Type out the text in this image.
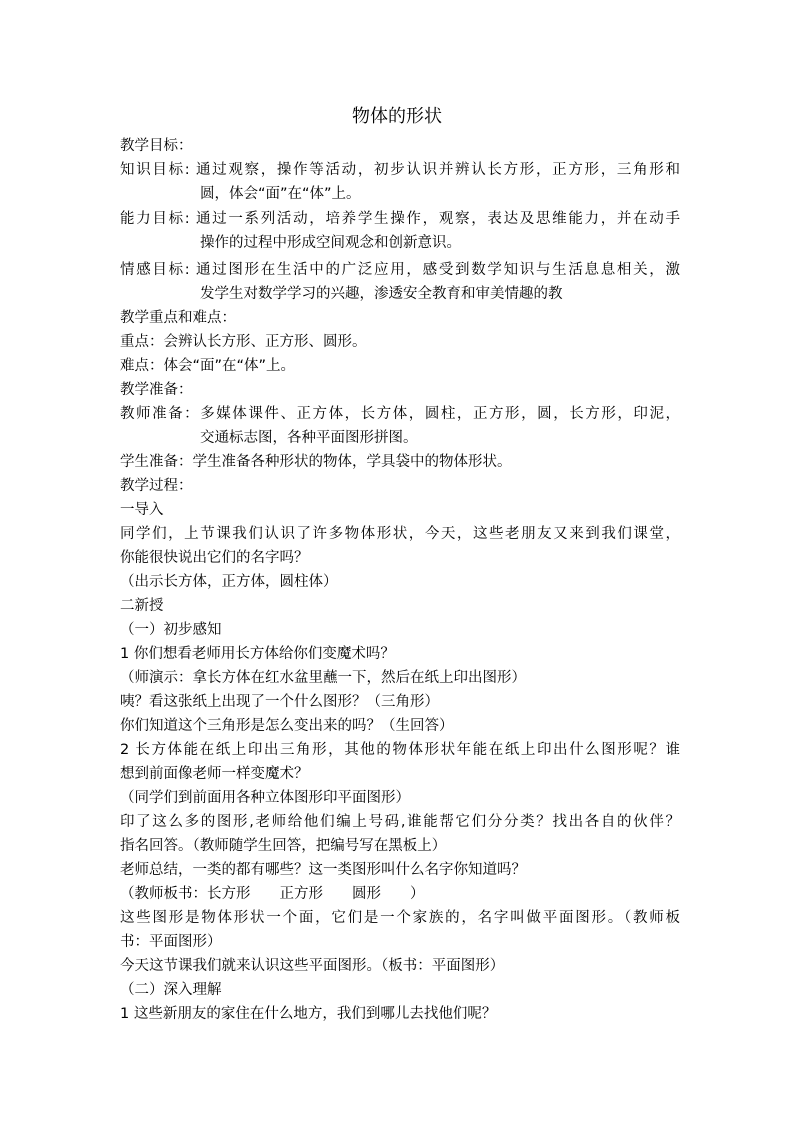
物体的形状
教学目标：
知识目标: 通过观察，操作等活动，初步认识并辨认长方形，正方形，三角形和
圆，体会“面”在“体”上。
能力目标: 通过一系列活动，培养学生操作，观察，表达及思维能力，并在动手
操作的过程中形成空间观念和创新意识。
情感目标: 通过图形在生活中的广泛应用，感受到数学知识与生活息息相关，激
发学生对数学学习的兴趣，渗透安全教育和审美情趣的教
教学重点和难点：
重点：会辨认长方形、正方形、圆形。
难点：体会“面”在“体”上。
教学准备：
教师准备：多媒体课件、正方体，长方体，圆柱，正方形，圆，长方形，印泥，
交通标志图，各种平面图形拼图。
学生准备：学生准备各种形状的物体，学具袋中的物体形状。
教学过程：
一导入
同学们，上节课我们认识了许多物体形状，今天，这些老朋友又来到我们课堂，
你能很快说出它们的名字吗？
（出示长方体，正方体，圆柱体）
二新授
（一）初步感知
1 你们想看老师用长方体给你们变魔术吗？
（师演示：拿长方体在红水盆里蘸一下，然后在纸上印出图形）
咦？看这张纸上出现了一个什么图形？（三角形）
你们知道这个三角形是怎么变出来的吗？（生回答）
2 长方体能在纸上印出三角形，其他的物体形状年能在纸上印出什么图形呢？谁
想到前面像老师一样变魔术？
（同学们到前面用各种立体图形印平面图形）
印了这么多的图形,老师给他们编上号码,谁能帮它们分分类？找出各自的伙伴？
指名回答。（教师随学生回答，把编号写在黑板上）
老师总结，一类的都有哪些？这一类图形叫什么名字你知道吗？
（教师板书：长方形　　正方形　　圆形　　）
这些图形是物体形状一个面，它们是一个家族的，名字叫做平面图形。（教师板
书：平面图形）
今天这节课我们就来认识这些平面图形。（板书：平面图形）
（二）深入理解
1 这些新朋友的家住在什么地方，我们到哪儿去找他们呢？
